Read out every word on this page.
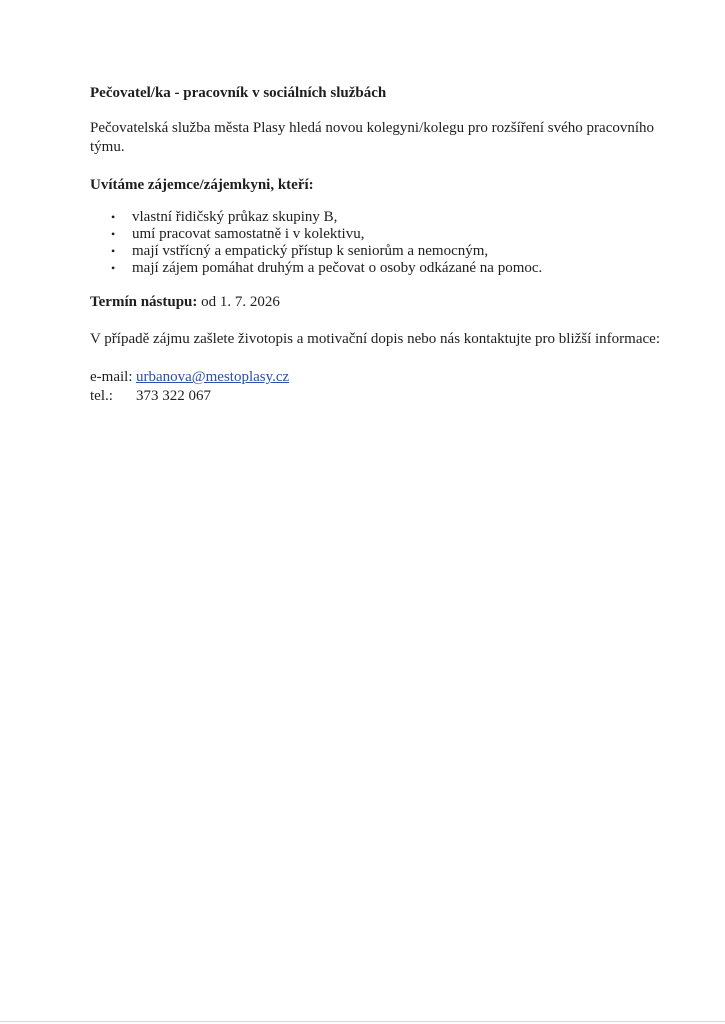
Pečovatel/ka - pracovník v sociálních službách

Pečovatelská služba města Plasy hledá novou kolegyni/kolegu pro rozšíření svého pracovního týmu.
Uvítáme zájemce/zájemkyni, kteří:
• vlastní řidičský průkaz skupiny B,
• umí pracovat samostatně i v kolektivu,
• mají vstřícný a empatický přístup k seniorům a nemocným,
• mají zájem pomáhat druhým a pečovat o osoby odkázané na pomoc.
Termín nástupu: od 1. 7. 2026
V případě zájmu zašlete životopis a motivační dopis nebo nás kontaktujte pro bližší informace:
e-mail: urbanova@mestoplasy.cz
tel.:	373 322 067
